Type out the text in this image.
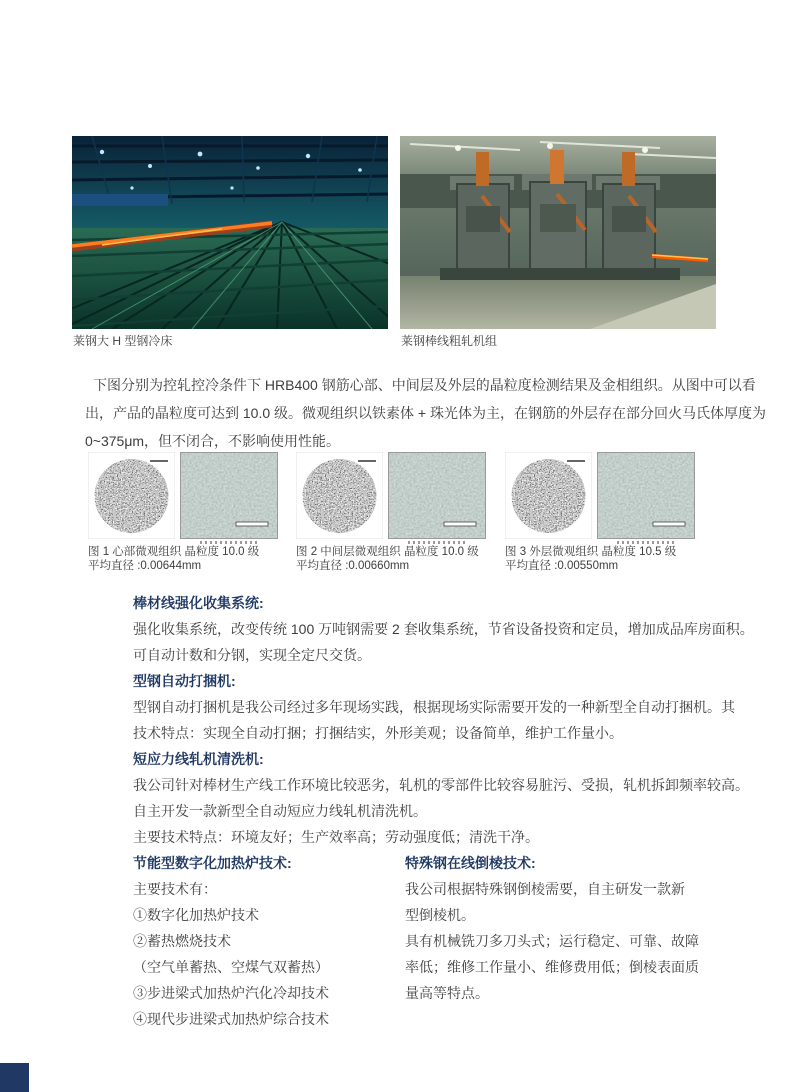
莱钢大 H 型钢冷床	莱钢棒线粗轧机组
下图分别为控轧控冷条件下 HRB400 钢筋心部、中间层及外层的晶粒度检测结果及金相组织。从图中可以看
出，产品的晶粒度可达到 10.0 级。微观组织以铁素体 + 珠光体为主，在钢筋的外层存在部分回火马氏体厚度为
0~375μm，但不闭合，不影响使用性能。
图 1 心部微观组织 晶粒度 10.0 级
平均直径 :0.00644mm
图 2 中间层微观组织 晶粒度 10.0 级
平均直径 :0.00660mm
图 3 外层微观组织 晶粒度 10.5 级
平均直径 :0.00550mm
棒材线强化收集系统:
强化收集系统，改变传统 100 万吨钢需要 2 套收集系统，节省设备投资和定员，增加成品库房面积。
可自动计数和分钢，实现全定尺交货。
型钢自动打捆机:
型钢自动打捆机是我公司经过多年现场实践，根据现场实际需要开发的一种新型全自动打捆机。其
技术特点：实现全自动打捆；打捆结实，外形美观；设备简单，维护工作量小。
短应力线轧机清洗机:
我公司针对棒材生产线工作环境比较恶劣，轧机的零部件比较容易脏污、受损，轧机拆卸频率较高。
自主开发一款新型全自动短应力线轧机清洗机。
主要技术特点：环境友好；生产效率高；劳动强度低；清洗干净。
节能型数字化加热炉技术:
主要技术有：
①数字化加热炉技术
②蓄热燃烧技术
（空气单蓄热、空煤气双蓄热）
③步进梁式加热炉汽化冷却技术
④现代步进梁式加热炉综合技术
特殊钢在线倒棱技术:
我公司根据特殊钢倒棱需要，自主研发一款新
型倒棱机。
具有机械铣刀多刀头式；运行稳定、可靠、故障
率低；维修工作量小、维修费用低；倒棱表面质
量高等特点。
